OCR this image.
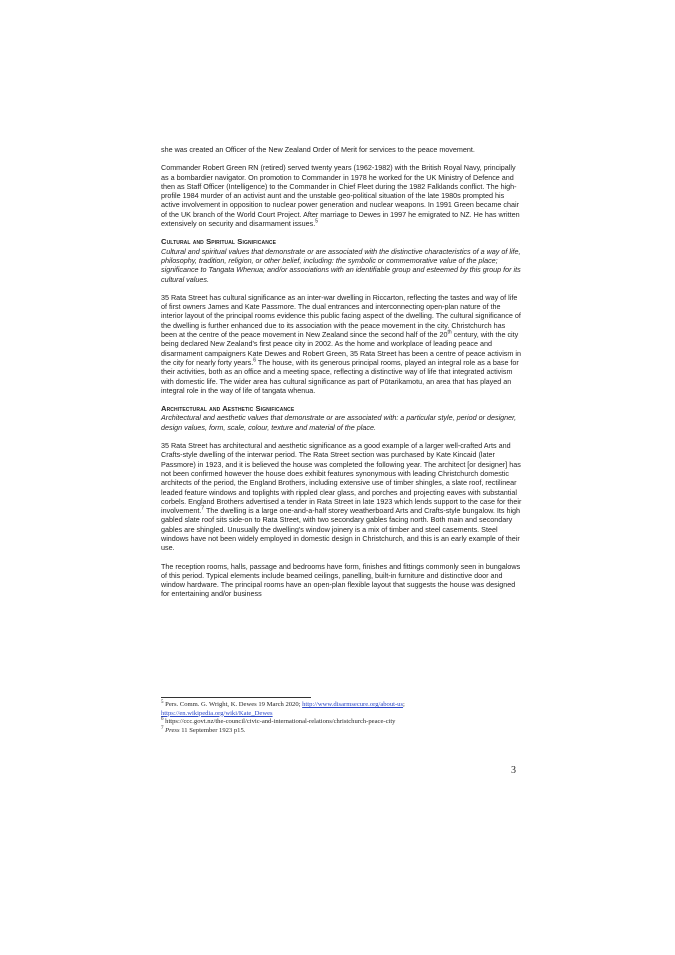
she was created an Officer of the New Zealand Order of Merit for services to the peace movement.

Commander Robert Green RN (retired) served twenty years (1962-1982) with the British Royal Navy, principally as a bombardier navigator. On promotion to Commander in 1978 he worked for the UK Ministry of Defence and then as Staff Officer (Intelligence) to the Commander in Chief Fleet during the 1982 Falklands conflict. The high-profile 1984 murder of an activist aunt and the unstable geo-political situation of the late 1980s prompted his active involvement in opposition to nuclear power generation and nuclear weapons. In 1991 Green became chair of the UK branch of the World Court Project. After marriage to Dewes in 1997 he emigrated to NZ. He has written extensively on security and disarmament issues.$^5$

Cultural and Spiritual Significance

Cultural and spiritual values that demonstrate or are associated with the distinctive characteristics of a way of life, philosophy, tradition, religion, or other belief, including: the symbolic or commemorative value of the place; significance to Tangata Whenua; and/or associations with an identifiable group and esteemed by this group for its cultural values.

35 Rata Street has cultural significance as an inter-war dwelling in Riccarton, reflecting the tastes and way of life of first owners James and Kate Passmore. The dual entrances and interconnecting open-plan nature of the interior layout of the principal rooms evidence this public facing aspect of the dwelling. The cultural significance of the dwelling is further enhanced due to its association with the peace movement in the city. Christchurch has been at the centre of the peace movement in New Zealand since the second half of the 20th century, with the city being declared New Zealand's first peace city in 2002. As the home and workplace of leading peace and disarmament campaigners Kate Dewes and Robert Green, 35 Rata Street has been a centre of peace activism in the city for nearly forty years.$^6$ The house, with its generous principal rooms, played an integral role as a base for their activities, both as an office and a meeting space, reflecting a distinctive way of life that integrated activism with domestic life. The wider area has cultural significance as part of Pūtarikamotu, an area that has played an integral role in the way of life of tangata whenua.

Architectural and Aesthetic Significance

Architectural and aesthetic values that demonstrate or are associated with: a particular style, period or designer, design values, form, scale, colour, texture and material of the place.

35 Rata Street has architectural and aesthetic significance as a good example of a larger well-crafted Arts and Crafts-style dwelling of the interwar period. The Rata Street section was purchased by Kate Kincaid (later Passmore) in 1923, and it is believed the house was completed the following year. The architect [or designer] has not been confirmed however the house does exhibit features synonymous with leading Christchurch domestic architects of the period, the England Brothers, including extensive use of timber shingles, a slate roof, rectilinear leaded feature windows and toplights with rippled clear glass, and porches and projecting eaves with substantial corbels. England Brothers advertised a tender in Rata Street in late 1923 which lends support to the case for their involvement.$^7$ The dwelling is a large one-and-a-half storey weatherboard Arts and Crafts-style bungalow. Its high gabled slate roof sits side-on to Rata Street, with two secondary gables facing north. Both main and secondary gables are shingled. Unusually the dwelling's window joinery is a mix of timber and steel casements. Steel windows have not been widely employed in domestic design in Christchurch, and this is an early example of their use.

The reception rooms, halls, passage and bedrooms have form, finishes and fittings commonly seen in bungalows of this period. Typical elements include beamed ceilings, panelling, built-in furniture and distinctive door and window hardware. The principal rooms have an open-plan flexible layout that suggests the house was designed for entertaining and/or business

$^5$ Pers. Comm. G. Wright, K. Dewes 19 March 2020; http://www.disarmsecure.org/about-us;
https://en.wikipedia.org/wiki/Kate_Dewes
$^6$ https://ccc.govt.nz/the-council/civic-and-international-relations/christchurch-peace-city
$^7$ Press 11 September 1923 p15.
3
